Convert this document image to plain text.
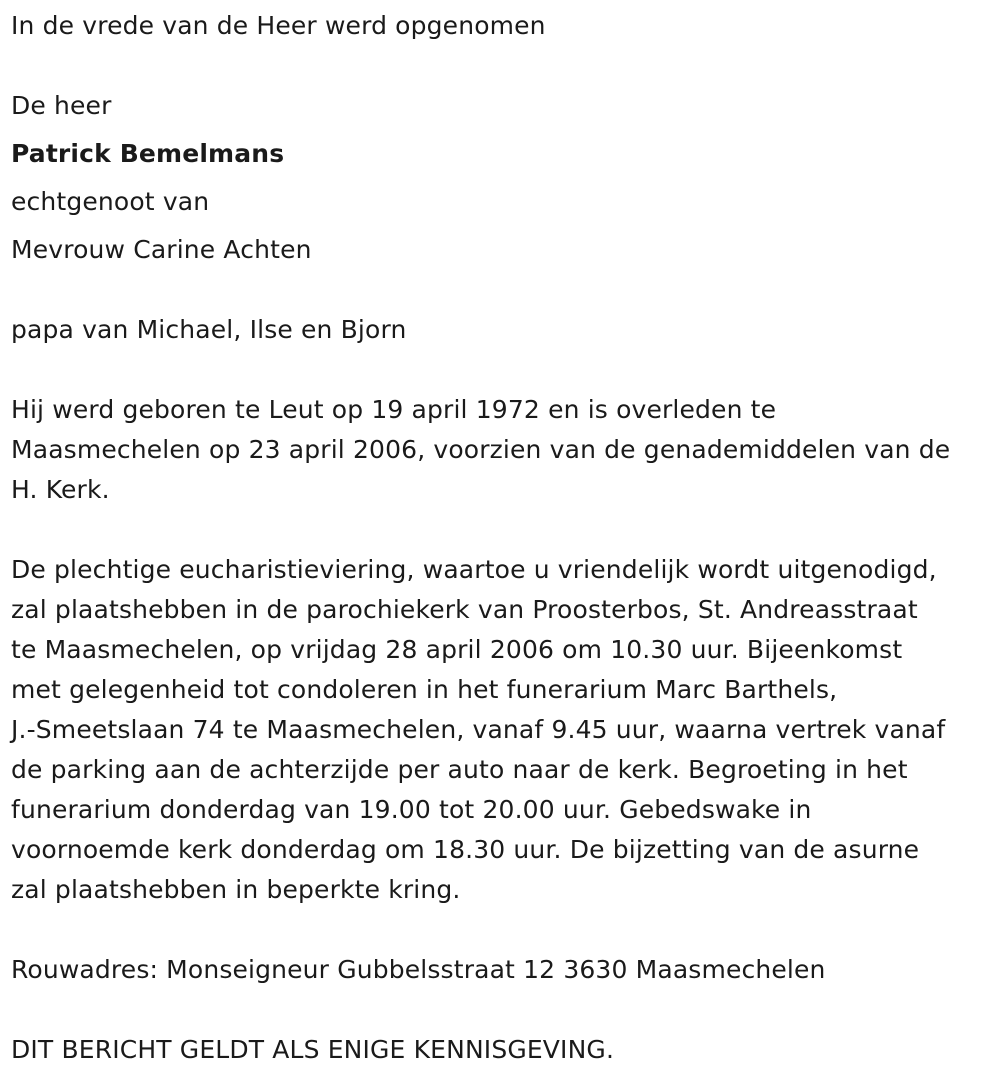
In de vrede van de Heer werd opgenomen
De heer
Patrick Bemelmans
echtgenoot van
Mevrouw Carine Achten
papa van Michael, Ilse en Bjorn
Hij werd geboren te Leut op 19 april 1972 en is overleden te
Maasmechelen op 23 april 2006, voorzien van de genademiddelen van de
H. Kerk.
De plechtige eucharistieviering, waartoe u vriendelijk wordt uitgenodigd,
zal plaatshebben in de parochiekerk van Proosterbos, St. Andreasstraat
te Maasmechelen, op vrijdag 28 april 2006 om 10.30 uur. Bijeenkomst
met gelegenheid tot condoleren in het funerarium Marc Barthels,
J.-Smeetslaan 74 te Maasmechelen, vanaf 9.45 uur, waarna vertrek vanaf
de parking aan de achterzijde per auto naar de kerk. Begroeting in het
funerarium donderdag van 19.00 tot 20.00 uur. Gebedswake in
voornoemde kerk donderdag om 18.30 uur. De bijzetting van de asurne
zal plaatshebben in beperkte kring.
Rouwadres: Monseigneur Gubbelsstraat 12 3630 Maasmechelen
DIT BERICHT GELDT ALS ENIGE KENNISGEVING.
